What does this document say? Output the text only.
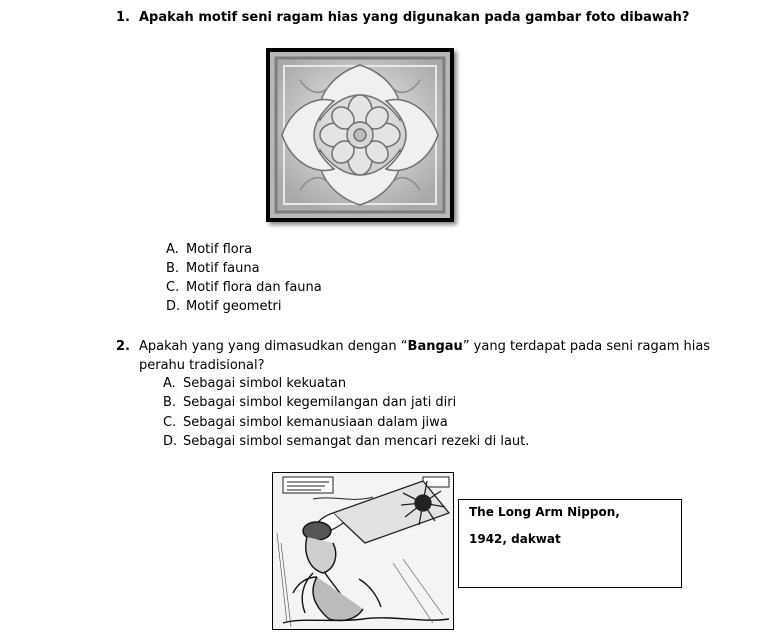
1. Apakah motif seni ragam hias yang digunakan pada gambar foto dibawah?
A. Motif flora
B. Motif fauna
C. Motif flora dan fauna
D. Motif geometri
2. Apakah yang yang dimasudkan dengan “Bangau” yang terdapat pada seni ragam hias
perahu tradisional?
A. Sebagai simbol kekuatan
B. Sebagai simbol kegemilangan dan jati diri
C. Sebagai simbol kemanusiaan dalam jiwa
D. Sebagai simbol semangat dan mencari rezeki di laut.
The Long Arm Nippon,
1942, dakwat
